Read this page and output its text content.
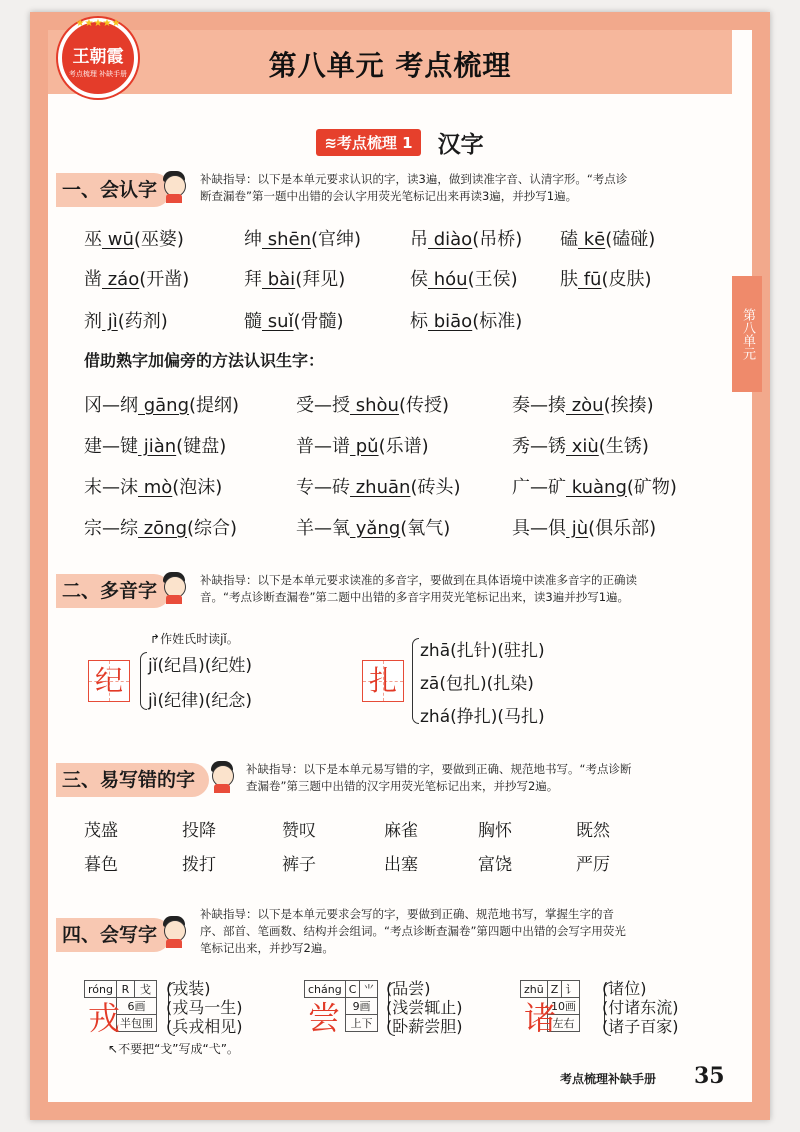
第八单元 考点梳理
★★★★★
王朝霞
考点梳理 补缺手册
第八单元
≋考点梳理 1 汉字
一、会认字	补缺指导：以下是本单元要求认识的字，读3遍，做到读准字音、认清字形。“考点诊
断查漏卷”第一题中出错的会认字用荧光笔标记出来再读3遍，并抄写1遍。
巫 wū(巫婆)	绅 shēn(官绅)	吊 diào(吊桥) 磕 kē(磕碰)
凿 záo(开凿)	拜 bài(拜见)	侯 hóu(王侯) 肤 fū(皮肤)
剂 jì(药剂)	髓 suǐ(骨髓)	标 biāo(标准)
借助熟字加偏旁的方法认识生字：
冈—纲 gāng(提纲)	受—授 shòu(传授)	奏—揍 zòu(挨揍)
建—键 jiàn(键盘)	普—谱 pǔ(乐谱)	秀—锈 xiù(生锈)
末—沫 mò(泡沫)	专—砖 zhuān(砖头)	广—矿 kuàng(矿物)
宗—综 zōng(综合)	羊—氧 yǎng(氧气)	具—俱 jù(俱乐部)
二、多音字	补缺指导：以下是本单元要求读准的多音字，要做到在具体语境中读准多音字的正确读
音。“考点诊断查漏卷”第二题中出错的多音字用荧光笔标记出来，读3遍并抄写1遍。
↱作姓氏时读jǐ。
纪	jǐ(纪昌)(纪姓)
jì(纪律)(纪念)
扎
zhā(扎针)(驻扎)
zā(包扎)(扎染)
zhá(挣扎)(马扎)
三、易写错的字	补缺指导：以下是本单元易写错的字，要做到正确、规范地书写。“考点诊断
查漏卷”第三题中出错的汉字用荧光笔标记出来，并抄写2遍。
茂盛	投降	赞叹	麻雀	胸怀	既然
暮色	拨打	裤子	出塞	富饶	严厉
四、会写字
补缺指导：以下是本单元要求会写的字，要做到正确、规范地书写，掌握生字的音
序、部首、笔画数、结构并会组词。“考点诊断查漏卷”第四题中出错的会写字用荧光
笔标记出来，并抄写2遍。
róng	R	戈
	6画	
	半包围	
戎
(戎装)
(戎马一生)
(兵戎相见)
cháng	C	⺌
	9画	
	上下	
尝
(品尝)
(浅尝辄止)
(卧薪尝胆)
zhū	Z	讠
	10画	
	左右	
诸
(诸位)
(付诸东流)
(诸子百家)
↖不要把“戈”写成“弋”。
考点梳理补缺手册 35
